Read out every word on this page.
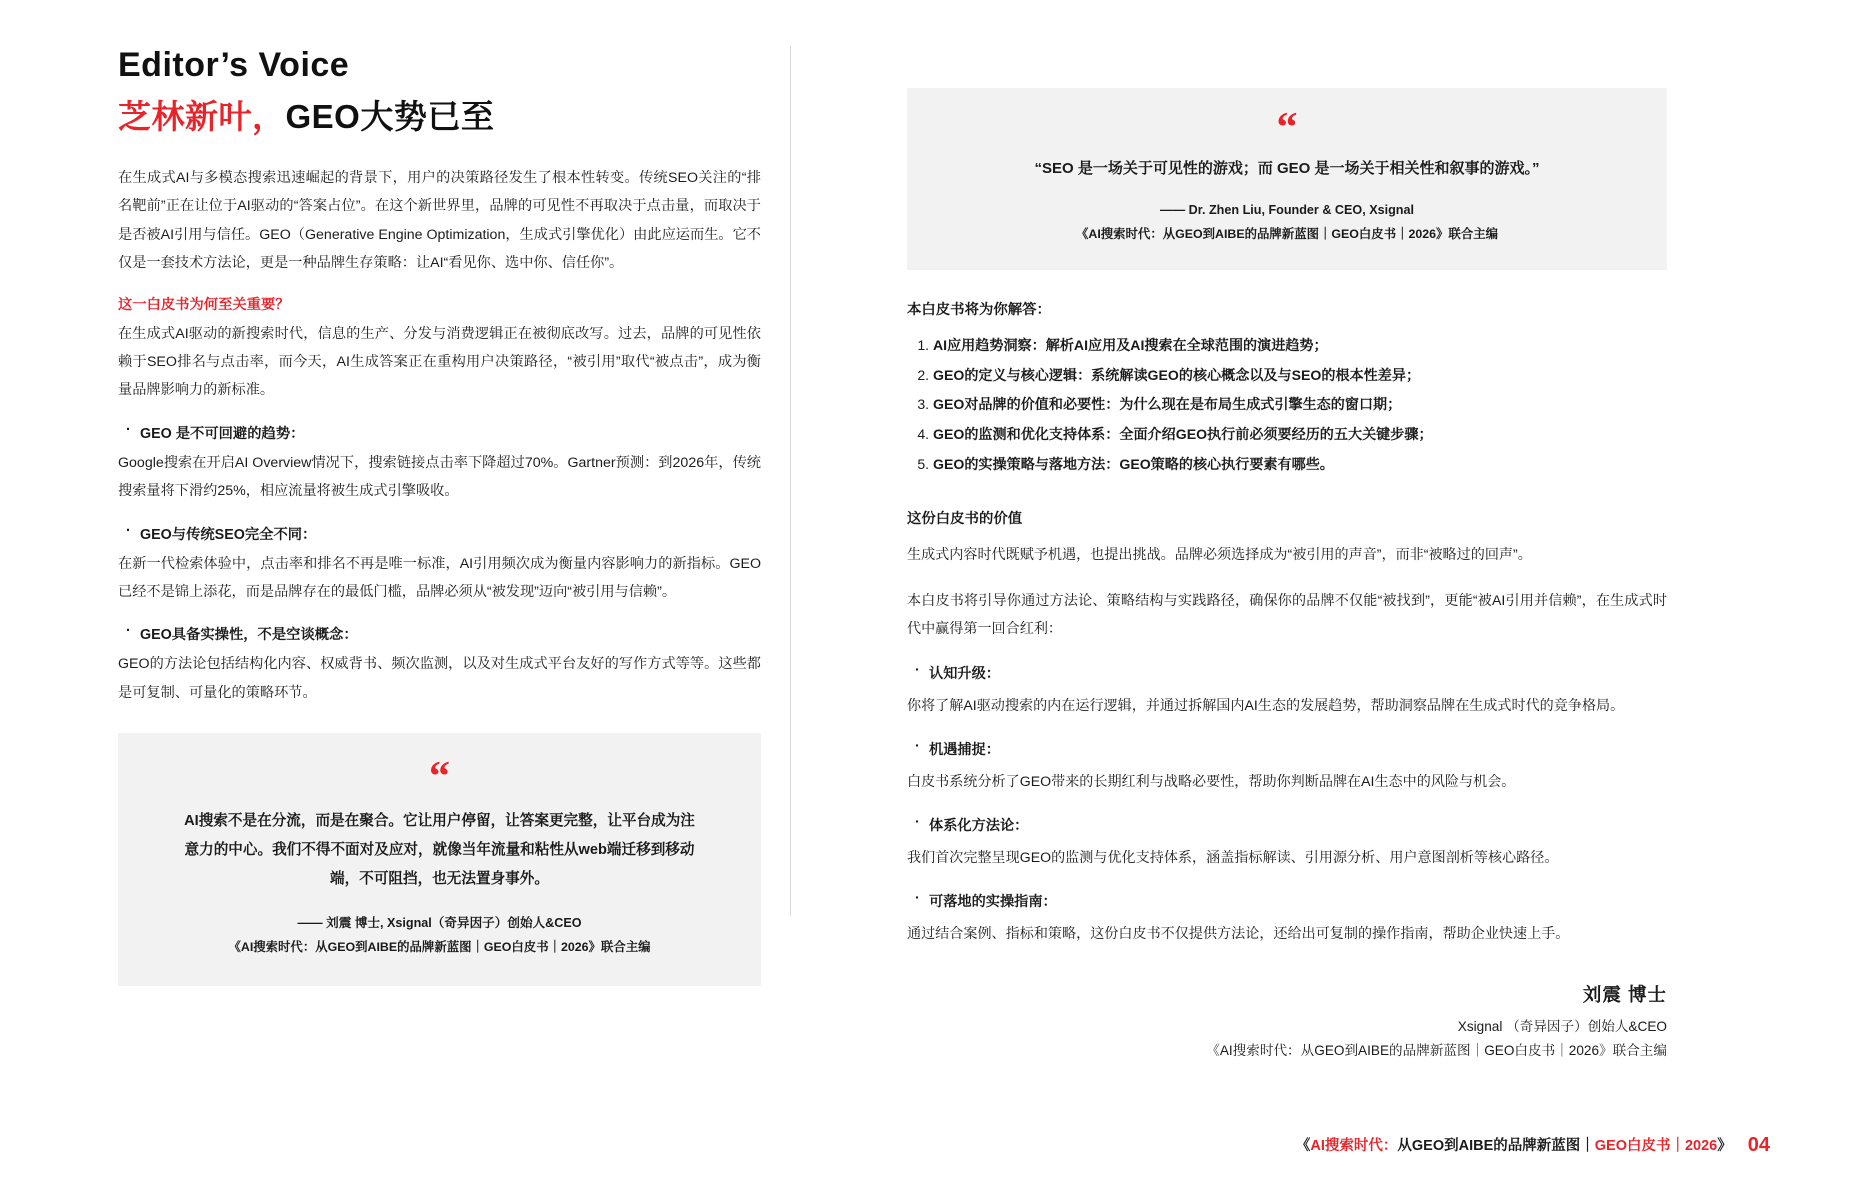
Editor’s Voice
芝林新叶，GEO大势已至

在生成式AI与多模态搜索迅速崛起的背景下，用户的决策路径发生了根本性转变。传统SEO关注的“排名靶前”正在让位于AI驱动的“答案占位”。在这个新世界里，品牌的可见性不再取决于点击量，而取决于是否被AI引用与信任。GEO（Generative Engine Optimization，生成式引擎优化）由此应运而生。它不仅是一套技术方法论，更是一种品牌生存策略：让AI“看见你、选中你、信任你”。

这一白皮书为何至关重要？

在生成式AI驱动的新搜索时代，信息的生产、分发与消费逻辑正在被彻底改写。过去，品牌的可见性依赖于SEO排名与点击率，而今天，AI生成答案正在重构用户决策路径，“被引用”取代“被点击”，成为衡量品牌影响力的新标准。

· GEO 是不可回避的趋势：

Google搜索在开启AI Overview情况下，搜索链接点击率下降超过70%。Gartner预测：到2026年，传统搜索量将下滑约25%，相应流量将被生成式引擎吸收。

· GEO与传统SEO完全不同：

在新一代检索体验中，点击率和排名不再是唯一标准，AI引用频次成为衡量内容影响力的新指标。GEO已经不是锦上添花，而是品牌存在的最低门槛，品牌必须从“被发现”迈向“被引用与信赖”。

· GEO具备实操性，不是空谈概念：

GEO的方法论包括结构化内容、权威背书、频次监测，以及对生成式平台友好的写作方式等等。这些都是可复制、可量化的策略环节。

“
AI搜索不是在分流，而是在聚合。它让用户停留，让答案更完整，让平台成为注意力的中心。我们不得不面对及应对，就像当年流量和粘性从web端迁移到移动端，不可阻挡，也无法置身事外。
—— 刘震 博士, Xsignal（奇异因子）创始人&CEO
《AI搜索时代：从GEO到AIBE的品牌新蓝图｜GEO白皮书｜2026》联合主编
“
“SEO 是一场关于可见性的游戏；而 GEO 是一场关于相关性和叙事的游戏。”
—— Dr. Zhen Liu, Founder & CEO, Xsignal
《AI搜索时代：从GEO到AIBE的品牌新蓝图｜GEO白皮书｜2026》联合主编
本白皮书将为你解答：
1. AI应用趋势洞察：解析AI应用及AI搜索在全球范围的演进趋势；
2. GEO的定义与核心逻辑：系统解读GEO的核心概念以及与SEO的根本性差异；
3. GEO对品牌的价值和必要性：为什么现在是布局生成式引擎生态的窗口期；
4. GEO的监测和优化支持体系：全面介绍GEO执行前必须要经历的五大关键步骤；
5. GEO的实操策略与落地方法：GEO策略的核心执行要素有哪些。
这份白皮书的价值

生成式内容时代既赋予机遇，也提出挑战。品牌必须选择成为“被引用的声音”，而非“被略过的回声”。

本白皮书将引导你通过方法论、策略结构与实践路径，确保你的品牌不仅能“被找到”，更能“被AI引用并信赖”，在生成式时代中赢得第一回合红利：

· 认知升级：

你将了解AI驱动搜索的内在运行逻辑，并通过拆解国内AI生态的发展趋势，帮助洞察品牌在生成式时代的竞争格局。

· 机遇捕捉：

白皮书系统分析了GEO带来的长期红利与战略必要性，帮助你判断品牌在AI生态中的风险与机会。

· 体系化方法论：

我们首次完整呈现GEO的监测与优化支持体系，涵盖指标解读、引用源分析、用户意图剖析等核心路径。

· 可落地的实操指南：

通过结合案例、指标和策略，这份白皮书不仅提供方法论，还给出可复制的操作指南，帮助企业快速上手。

刘震 博士
Xsignal （奇异因子）创始人&CEO
《AI搜索时代：从GEO到AIBE的品牌新蓝图｜GEO白皮书｜2026》联合主编
《AI搜索时代：从GEO到AIBE的品牌新蓝图｜GEO白皮书｜2026》 04
